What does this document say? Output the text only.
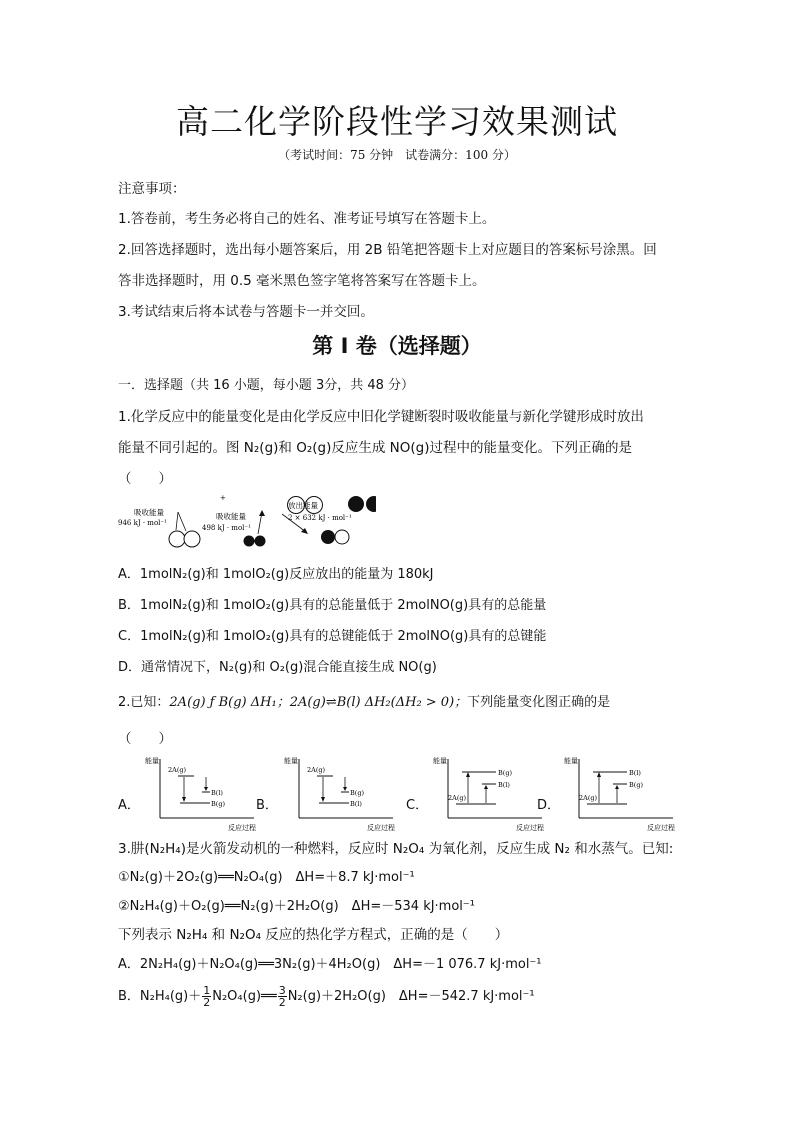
高二化学阶段性学习效果测试
（考试时间：75 分钟　试卷满分：100 分）
注意事项：
1.答卷前，考生务必将自己的姓名、准考证号填写在答题卡上。
2.回答选择题时，选出每小题答案后，用 2B 铅笔把答题卡上对应题目的答案标号涂黑。回
答非选择题时，用 0.5 毫米黑色签字笔将答案写在答题卡上。
3.考试结束后将本试卷与答题卡一并交回。
第 I 卷（选择题）
一．选择题（共 16 小题，每小题 3分，共 48 分）
1.化学反应中的能量变化是由化学反应中旧化学键断裂时吸收能量与新化学键形成时放出
能量不同引起的。图 N₂(g)和 O₂(g)反应生成 NO(g)过程中的能量变化。下列正确的是
（　　）
+
吸收能量
946 kJ · mol⁻¹
吸收能量
498 kJ · mol⁻¹
放出能量
2 × 632 kJ · mol⁻¹
A．1molN₂(g)和 1molO₂(g)反应放出的能量为 180kJ
B．1molN₂(g)和 1molO₂(g)具有的总能量低于 2molNO(g)具有的总能量
C．1molN₂(g)和 1molO₂(g)具有的总键能低于 2molNO(g)具有的总键能
D．通常情况下，N₂(g)和 O₂(g)混合能直接生成 NO(g)
2.已知：2A(g) ƒ B(g) ΔH₁；2A(g)⇌B(l) ΔH₂(ΔH₂ > 0)；下列能量变化图正确的是
（　　）
A．	B．	C．	D．
能量
反应过程
2A(g)
B(l)
B(g)
能量
反应过程
2A(g)
B(g)
B(l)
能量
反应过程
B(g)
B(l)
2A(g)
能量
反应过程
B(l)
B(g)
2A(g)
3.肼(N₂H₄)是火箭发动机的一种燃料，反应时 N₂O₄ 为氧化剂，反应生成 N₂ 和水蒸气。已知:
①N₂(g)＋2O₂(g)══N₂O₄(g)　ΔH=＋8.7 kJ·mol⁻¹
②N₂H₄(g)＋O₂(g)══N₂(g)＋2H₂O(g)　ΔH=－534 kJ·mol⁻¹
下列表示 N₂H₄ 和 N₂O₄ 反应的热化学方程式，正确的是（　　）
A．2N₂H₄(g)＋N₂O₄(g)══3N₂(g)＋4H₂O(g)　ΔH=－1 076.7 kJ·mol⁻¹
B．$N_2H_4(g)+ \frac{1}{2}$ N₂O₄(g)══ $\frac{3}{2} N_2(g)+2H_2O(g)$　ΔH=－542.7 kJ·mol⁻¹
